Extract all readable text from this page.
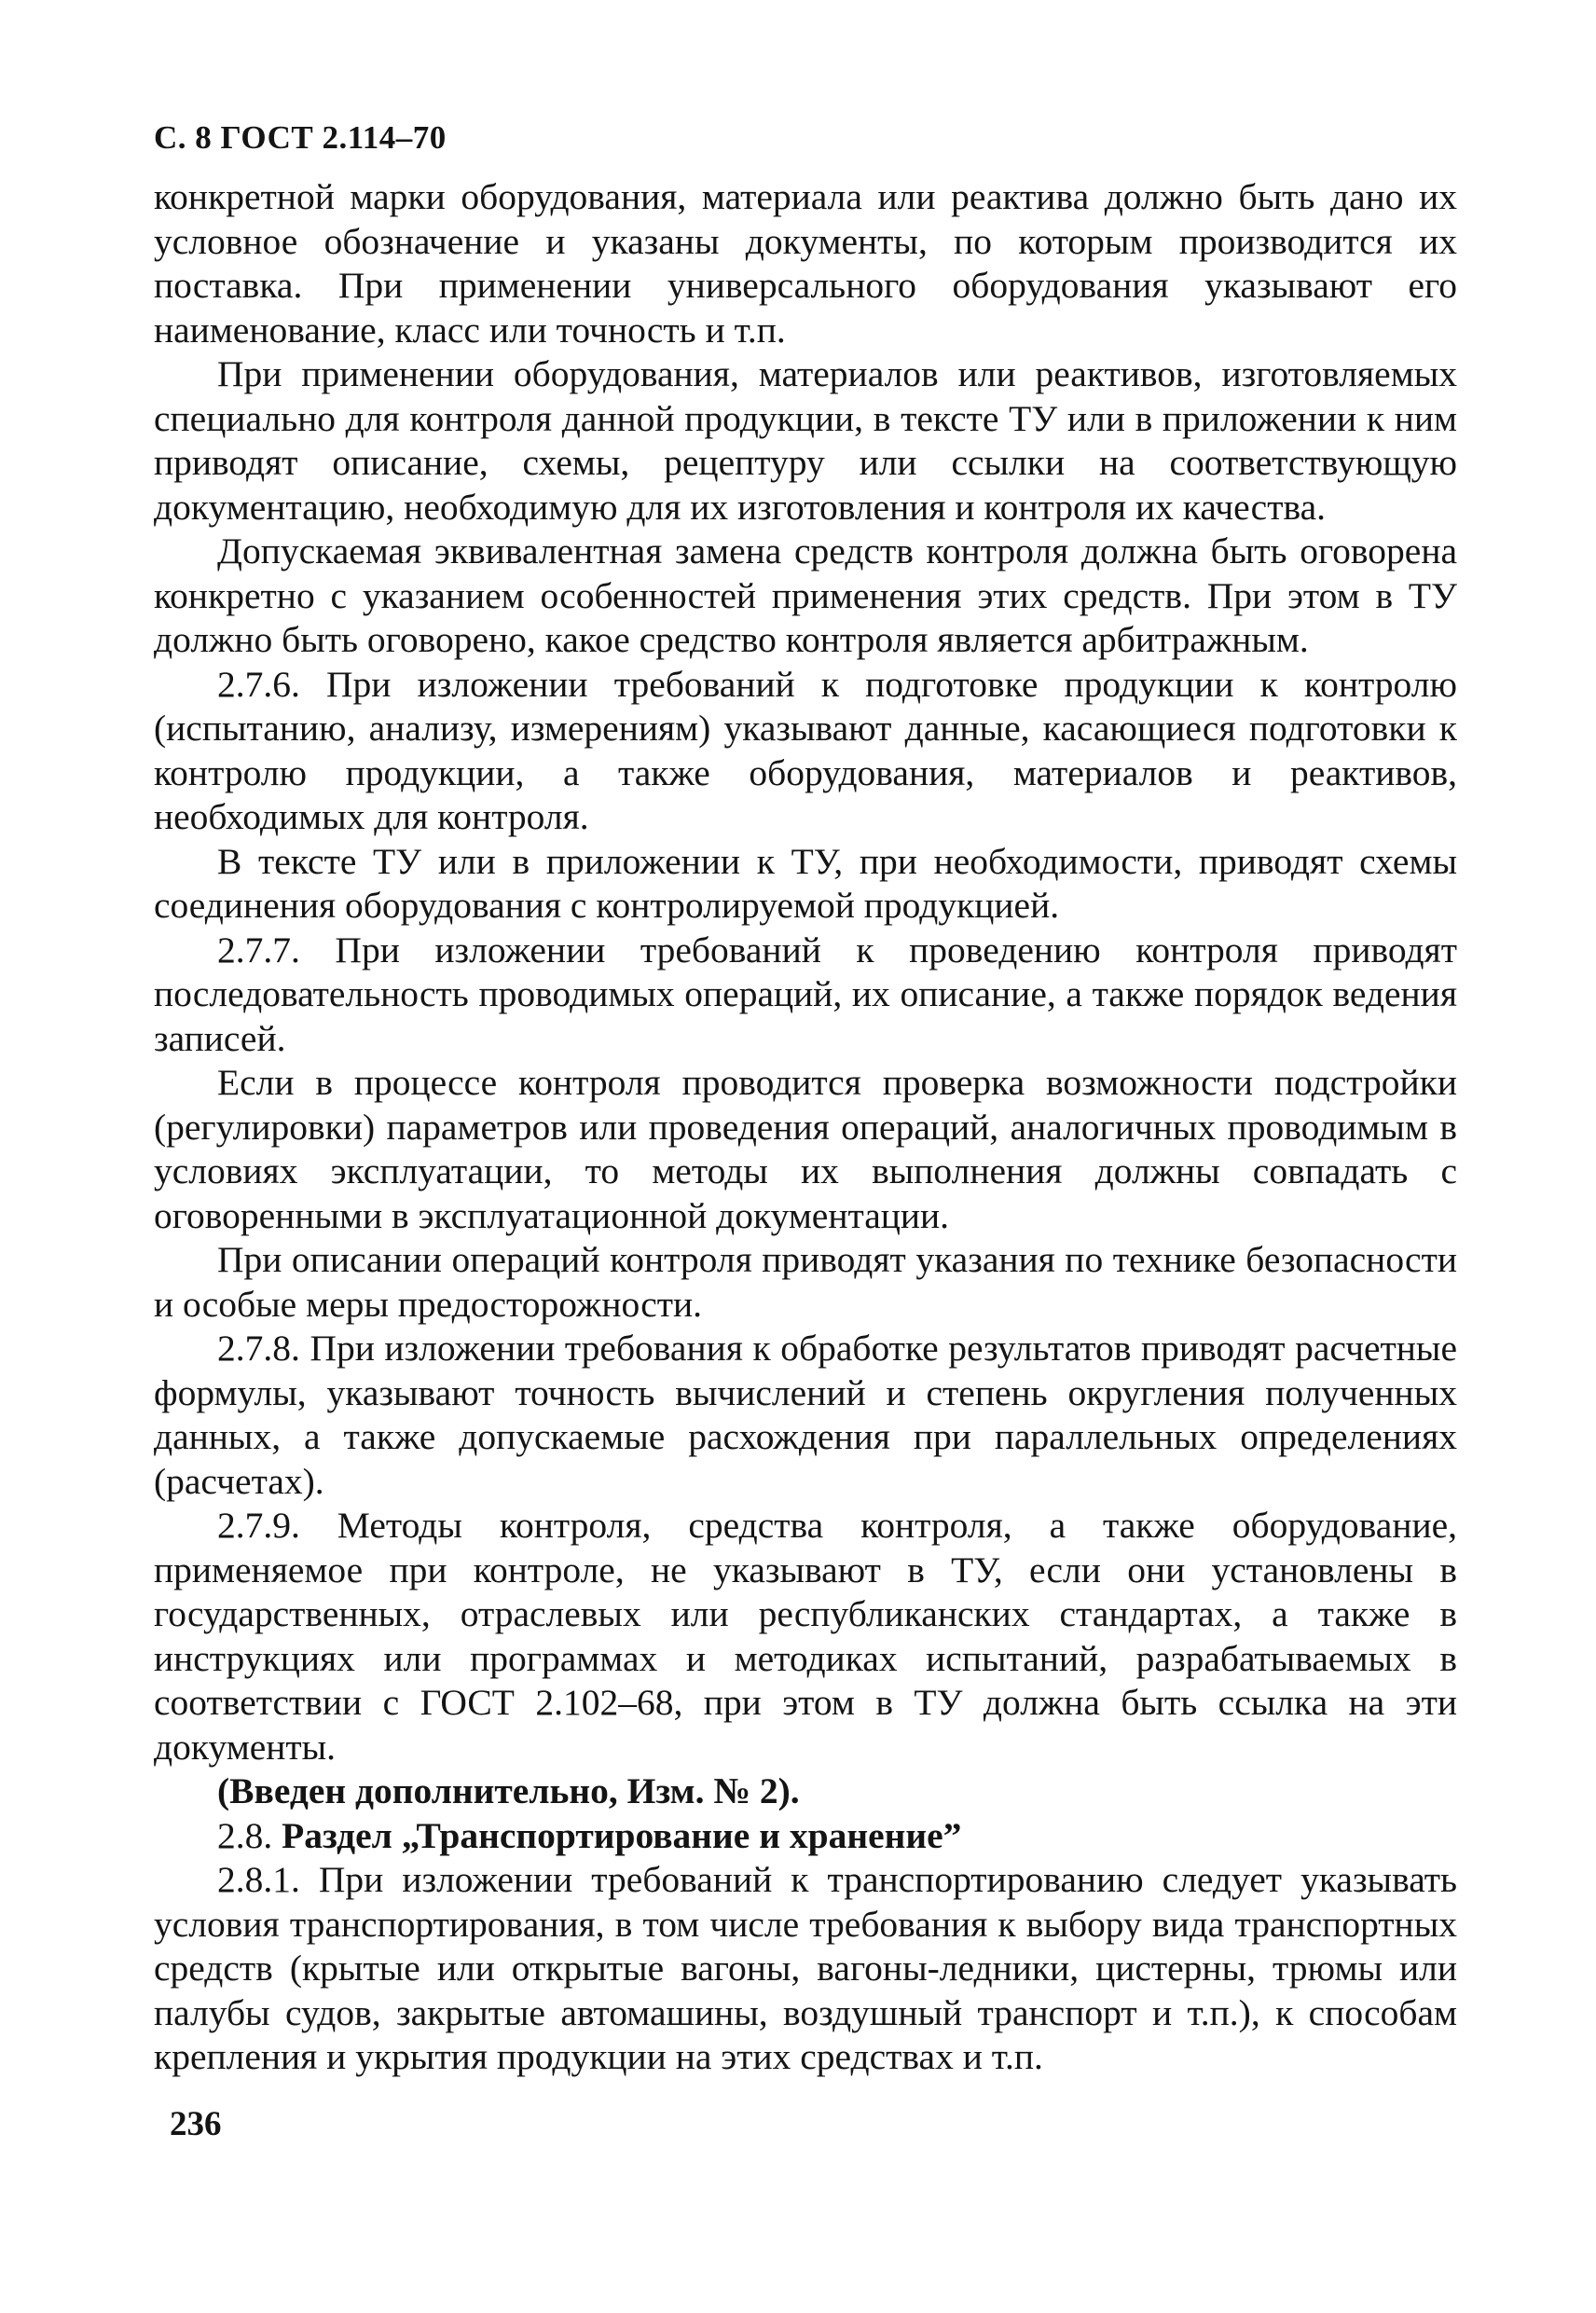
С. 8 ГОСТ 2.114–70

конкретной марки оборудования, материала или реактива должно быть дано их условное обозначение и указаны документы, по которым производится их поставка. При применении универсального оборудования указывают его наименование, класс или точность и т.п.

При применении оборудования, материалов или реактивов, изготовляемых специально для контроля данной продукции, в тексте ТУ или в приложении к ним приводят описание, схемы, рецептуру или ссылки на соответствующую документацию, необходимую для их изготовления и контроля их качества.

Допускаемая эквивалентная замена средств контроля должна быть оговорена конкретно с указанием особенностей применения этих средств. При этом в ТУ должно быть оговорено, какое средство контроля является арбитражным.

2.7.6. При изложении требований к подготовке продукции к контролю (испытанию, анализу, измерениям) указывают данные, касающиеся подготовки к контролю продукции, а также оборудования, материалов и реактивов, необходимых для контроля.

В тексте ТУ или в приложении к ТУ, при необходимости, приводят схемы соединения оборудования с контролируемой продукцией.

2.7.7. При изложении требований к проведению контроля приводят последовательность проводимых операций, их описание, а также порядок ведения записей.

Если в процессе контроля проводится проверка возможности подстройки (регулировки) параметров или проведения операций, аналогичных проводимым в условиях эксплуатации, то методы их выполнения должны совпадать с оговоренными в эксплуатационной документации.

При описании операций контроля приводят указания по технике безопасности и особые меры предосторожности.

2.7.8. При изложении требования к обработке результатов приводят расчетные формулы, указывают точность вычислений и степень округления полученных данных, а также допускаемые расхождения при параллельных определениях (расчетах).

2.7.9. Методы контроля, средства контроля, а также оборудование, применяемое при контроле, не указывают в ТУ, если они установлены в государственных, отраслевых или республиканских стандартах, а также в инструкциях или программах и методиках испытаний, разрабатываемых в соответствии с ГОСТ 2.102–68, при этом в ТУ должна быть ссылка на эти документы.

(Введен дополнительно, Изм. № 2).

2.8. Раздел „Транспортирование и хранение”

2.8.1. При изложении требований к транспортированию следует указывать условия транспортирования, в том числе требования к выбору вида транспортных средств (крытые или открытые вагоны, вагоны-ледники, цистерны, трюмы или палубы судов, закрытые автомашины, воздушный транспорт и т.п.), к способам крепления и укрытия продукции на этих средствах и т.п.

236
